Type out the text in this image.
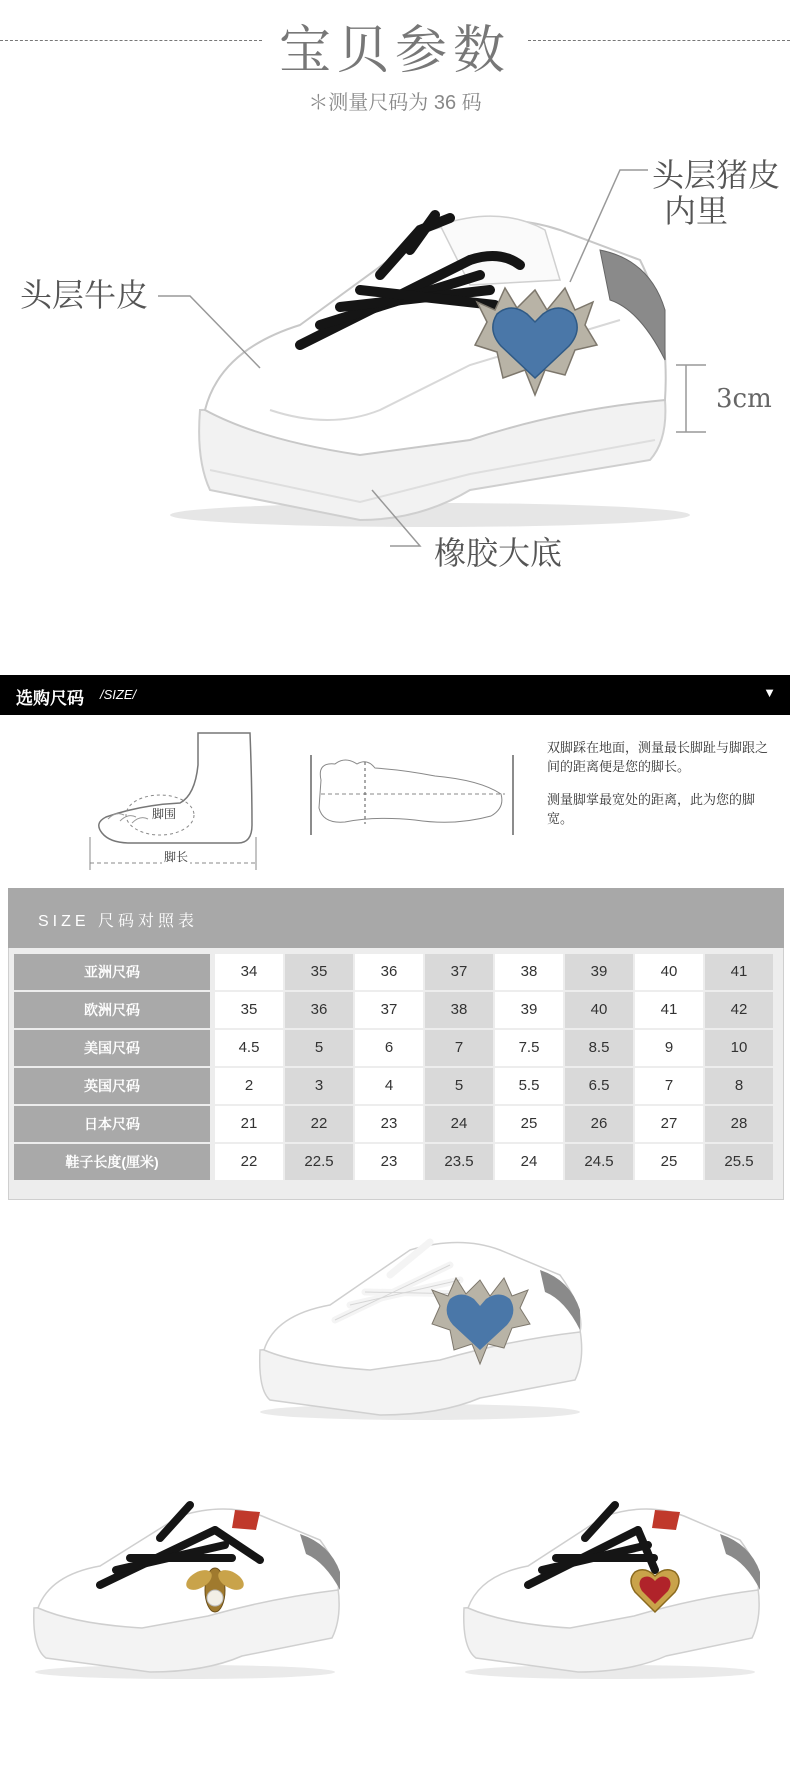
宝贝参数
＊测量尺码为 36 码
头层牛皮
头层猪皮
内里
橡胶大底
3cm
选购尺码 /SIZE/	▼
脚围
脚长
双脚踩在地面，测量最长脚趾与脚跟之间的距离便是您的脚长。
测量脚掌最宽处的距离，此为您的脚宽。
SIZE 尺码对照表
亚洲尺码	34	35	36	37	38	39	40	41
欧洲尺码	35	36	37	38	39	40	41	42
美国尺码	4.5	5	6	7	7.5	8.5	9	10
英国尺码	2	3	4	5	5.5	6.5	7	8
日本尺码	21	22	23	24	25	26	27	28
鞋子长度(厘米)	22	22.5	23	23.5	24	24.5	25	25.5
